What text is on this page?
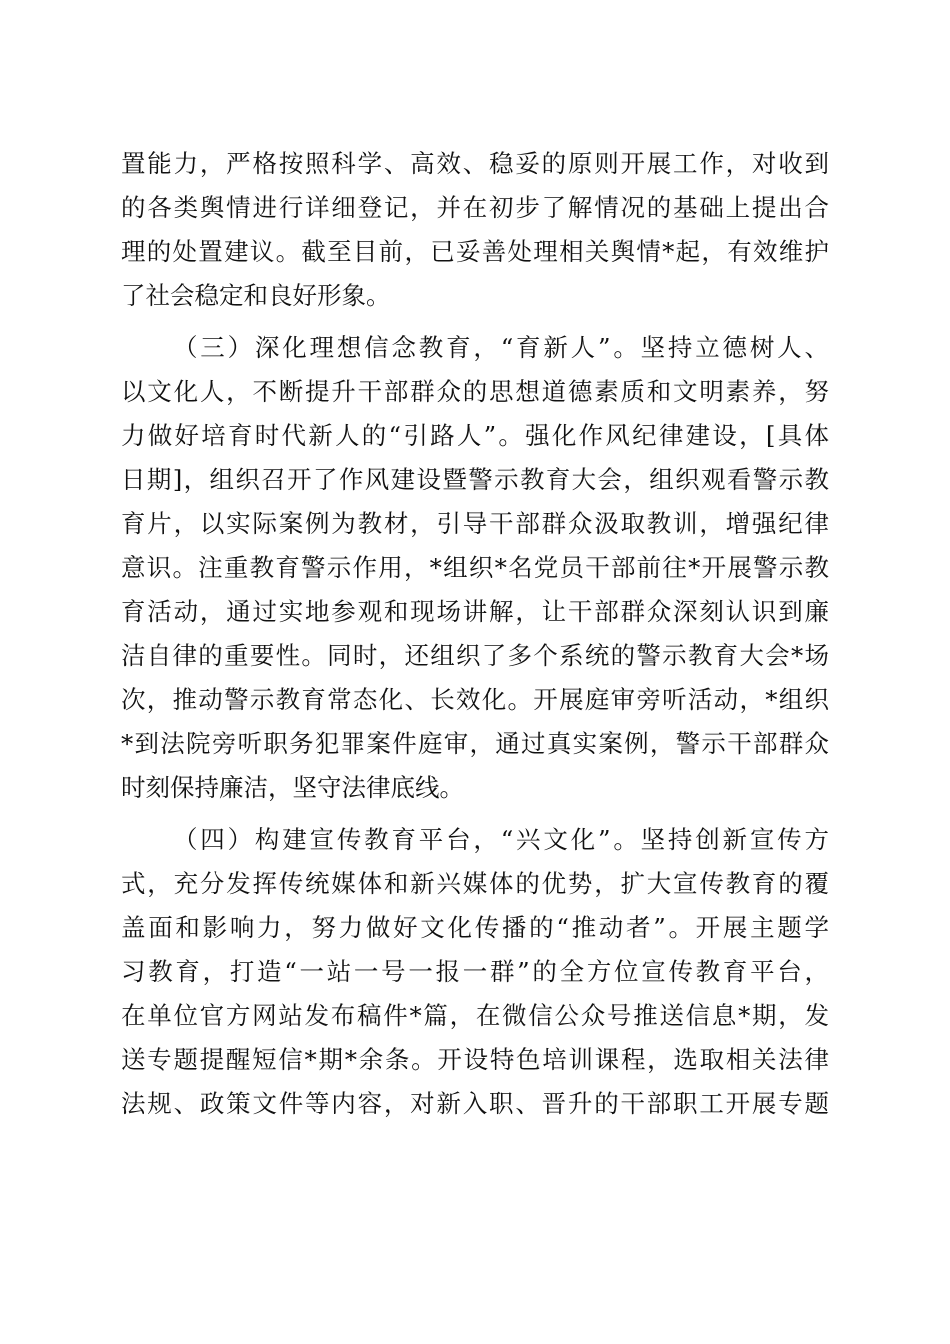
置能力，严格按照科学、高效、稳妥的原则开展工作，对收到
的各类舆情进行详细登记，并在初步了解情况的基础上提出合
理的处置建议。截至目前，已妥善处理相关舆情*起，有效维护
了社会稳定和良好形象。
（三）深化理想信念教育，“育新人”。坚持立德树人、
以文化人，不断提升干部群众的思想道德素质和文明素养，努
力做好培育时代新人的“引路人”。强化作风纪律建设，[具体
日期]，组织召开了作风建设暨警示教育大会，组织观看警示教
育片，以实际案例为教材，引导干部群众汲取教训，增强纪律
意识。注重教育警示作用，*组织*名党员干部前往*开展警示教
育活动，通过实地参观和现场讲解，让干部群众深刻认识到廉
洁自律的重要性。同时，还组织了多个系统的警示教育大会*场
次，推动警示教育常态化、长效化。开展庭审旁听活动，*组织
*到法院旁听职务犯罪案件庭审，通过真实案例，警示干部群众
时刻保持廉洁，坚守法律底线。
（四）构建宣传教育平台，“兴文化”。坚持创新宣传方
式，充分发挥传统媒体和新兴媒体的优势，扩大宣传教育的覆
盖面和影响力，努力做好文化传播的“推动者”。开展主题学
习教育，打造“一站一号一报一群”的全方位宣传教育平台，
在单位官方网站发布稿件*篇，在微信公众号推送信息*期，发
送专题提醒短信*期*余条。开设特色培训课程，选取相关法律
法规、政策文件等内容，对新入职、晋升的干部职工开展专题
